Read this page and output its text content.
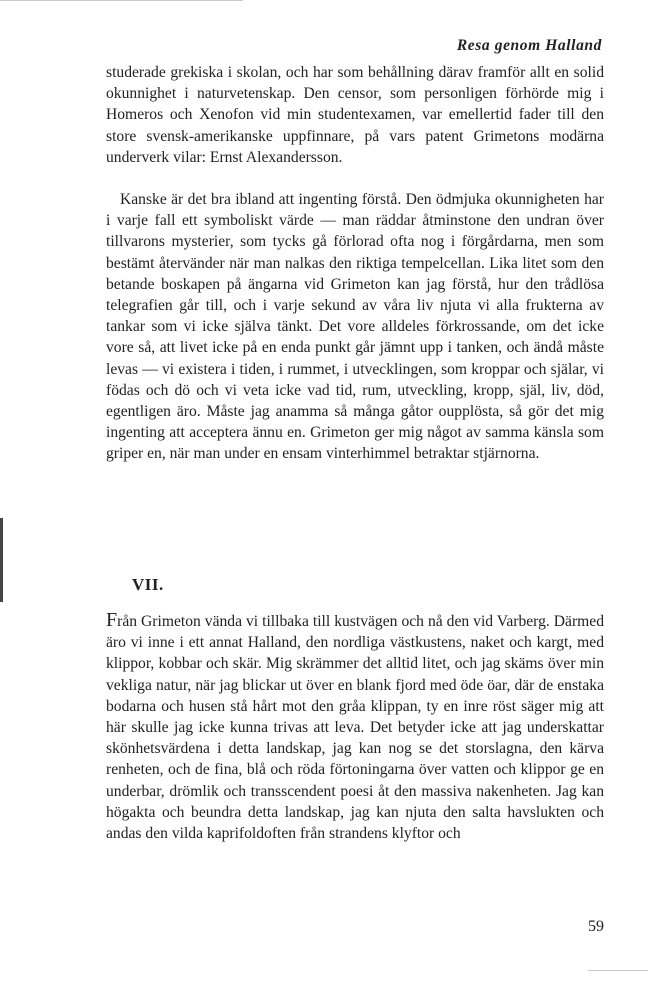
Resa genom Halland

studerade grekiska i skolan, och har som behållning därav framför allt en solid okunnighet i naturvetenskap. Den censor, som personligen förhörde mig i Homeros och Xenofon vid min studentexamen, var emellertid fader till den store svensk-amerikanske uppfinnare, på vars patent Grimetons modärna underverk vilar: Ernst Alexandersson.

Kanske är det bra ibland att ingenting förstå. Den ödmjuka okunnigheten har i varje fall ett symboliskt värde — man räddar åtminstone den undran över tillvarons mysterier, som tycks gå förlorad ofta nog i förgårdarna, men som bestämt återvänder när man nalkas den riktiga tempelcellan. Lika litet som den betande boskapen på ängarna vid Grimeton kan jag förstå, hur den trådlösa telegrafien går till, och i varje sekund av våra liv njuta vi alla frukterna av tankar som vi icke själva tänkt. Det vore alldeles förkrossande, om det icke vore så, att livet icke på en enda punkt går jämnt upp i tanken, och ändå måste levas — vi existera i tiden, i rummet, i utvecklingen, som kroppar och själar, vi födas och dö och vi veta icke vad tid, rum, utveckling, kropp, själ, liv, död, egentligen äro. Måste jag anamma så många gåtor oupplösta, så gör det mig ingenting att acceptera ännu en. Grimeton ger mig något av samma känsla som griper en, när man under en ensam vinterhimmel betraktar stjärnorna.

VII.

Från Grimeton vända vi tillbaka till kustvägen och nå den vid Varberg. Därmed äro vi inne i ett annat Halland, den nordliga västkustens, naket och kargt, med klippor, kobbar och skär. Mig skrämmer det alltid litet, och jag skäms över min vekliga natur, när jag blickar ut över en blank fjord med öde öar, där de enstaka bodarna och husen stå hårt mot den gråa klippan, ty en inre röst säger mig att här skulle jag icke kunna trivas att leva. Det betyder icke att jag underskattar skönhetsvärdena i detta landskap, jag kan nog se det storslagna, den kärva renheten, och de fina, blå och röda förtoningarna över vatten och klippor ge en underbar, drömlik och transscendent poesi åt den massiva nakenheten. Jag kan högakta och beundra detta landskap, jag kan njuta den salta havslukten och andas den vilda kaprifoldoften från strandens klyftor och

59
